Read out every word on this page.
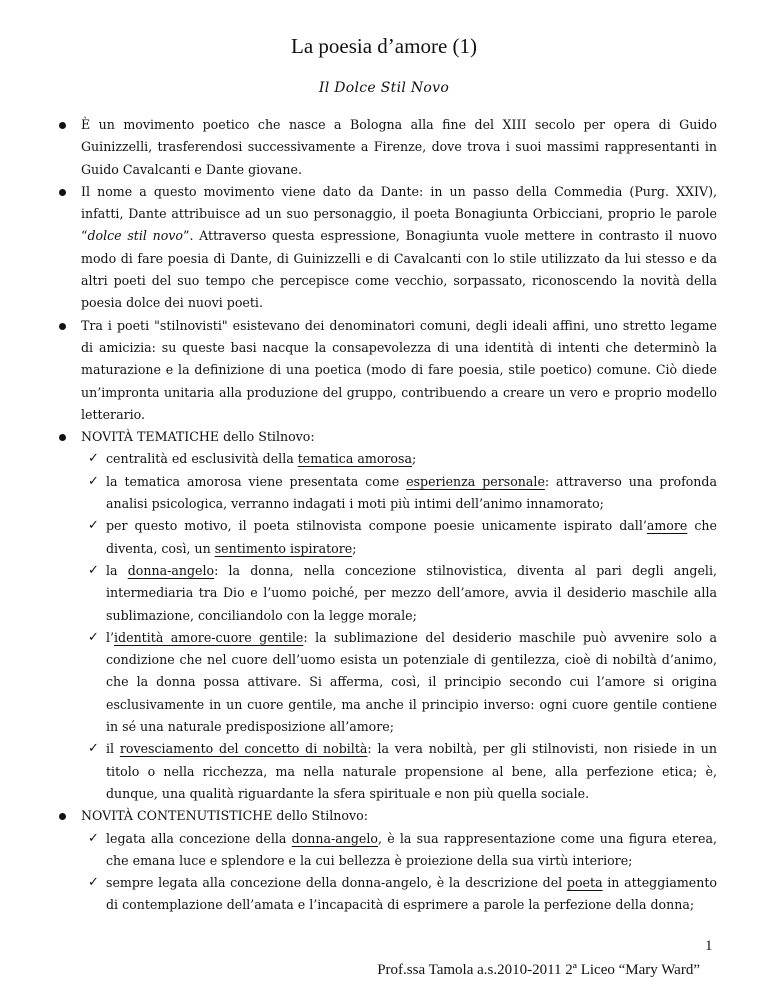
La poesia d’amore (1)
Il Dolce Stil Novo
È un movimento poetico che nasce a Bologna alla fine del XIII secolo per opera di Guido Guinizzelli, trasferendosi successivamente a Firenze, dove trova i suoi massimi rappresentanti in Guido Cavalcanti e Dante giovane.
Il nome a questo movimento viene dato da Dante: in un passo della Commedia (Purg. XXIV), infatti, Dante attribuisce ad un suo personaggio, il poeta Bonagiunta Orbicciani, proprio le parole “dolce stil novo”. Attraverso questa espressione, Bonagiunta vuole mettere in contrasto il nuovo modo di fare poesia di Dante, di Guinizzelli e di Cavalcanti con lo stile utilizzato da lui stesso e da altri poeti del suo tempo che percepisce come vecchio, sorpassato, riconoscendo la novità della poesia dolce dei nuovi poeti.
Tra i poeti "stilnovisti" esistevano dei denominatori comuni, degli ideali affini, uno stretto legame di amicizia: su queste basi nacque la consapevolezza di una identità di intenti che determinò la maturazione e la definizione di una poetica (modo di fare poesia, stile poetico) comune. Ciò diede un’impronta unitaria alla produzione del gruppo, contribuendo a creare un vero e proprio modello letterario.
NOVITÀ TEMATICHE dello Stilnovo:
✓ centralità ed esclusività della tematica amorosa;
✓ la tematica amorosa viene presentata come esperienza personale: attraverso una profonda analisi psicologica, verranno indagati i moti più intimi dell’animo innamorato;
✓ per questo motivo, il poeta stilnovista compone poesie unicamente ispirato dall’amore che diventa, così, un sentimento ispiratore;
✓ la donna-angelo: la donna, nella concezione stilnovistica, diventa al pari degli angeli, intermediaria tra Dio e l’uomo poiché, per mezzo dell’amore, avvia il desiderio maschile alla sublimazione, conciliandolo con la legge morale;
✓ l’identità amore-cuore gentile: la sublimazione del desiderio maschile può avvenire solo a condizione che nel cuore dell’uomo esista un potenziale di gentilezza, cioè di nobiltà d’animo, che la donna possa attivare. Si afferma, così, il principio secondo cui l’amore si origina esclusivamente in un cuore gentile, ma anche il principio inverso: ogni cuore gentile contiene in sé una naturale predisposizione all’amore;
✓ il rovesciamento del concetto di nobiltà: la vera nobiltà, per gli stilnovisti, non risiede in un titolo o nella ricchezza, ma nella naturale propensione al bene, alla perfezione etica; è, dunque, una qualità riguardante la sfera spirituale e non più quella sociale.
NOVITÀ CONTENUTISTICHE dello Stilnovo:
✓ legata alla concezione della donna-angelo, è la sua rappresentazione come una figura eterea, che emana luce e splendore e la cui bellezza è proiezione della sua virtù interiore;
✓ sempre legata alla concezione della donna-angelo, è la descrizione del poeta in atteggiamento di contemplazione dell’amata e l’incapacità di esprimere a parole la perfezione della donna;
1
Prof.ssa Tamola a.s.2010-2011 2ª Liceo “Mary Ward”
